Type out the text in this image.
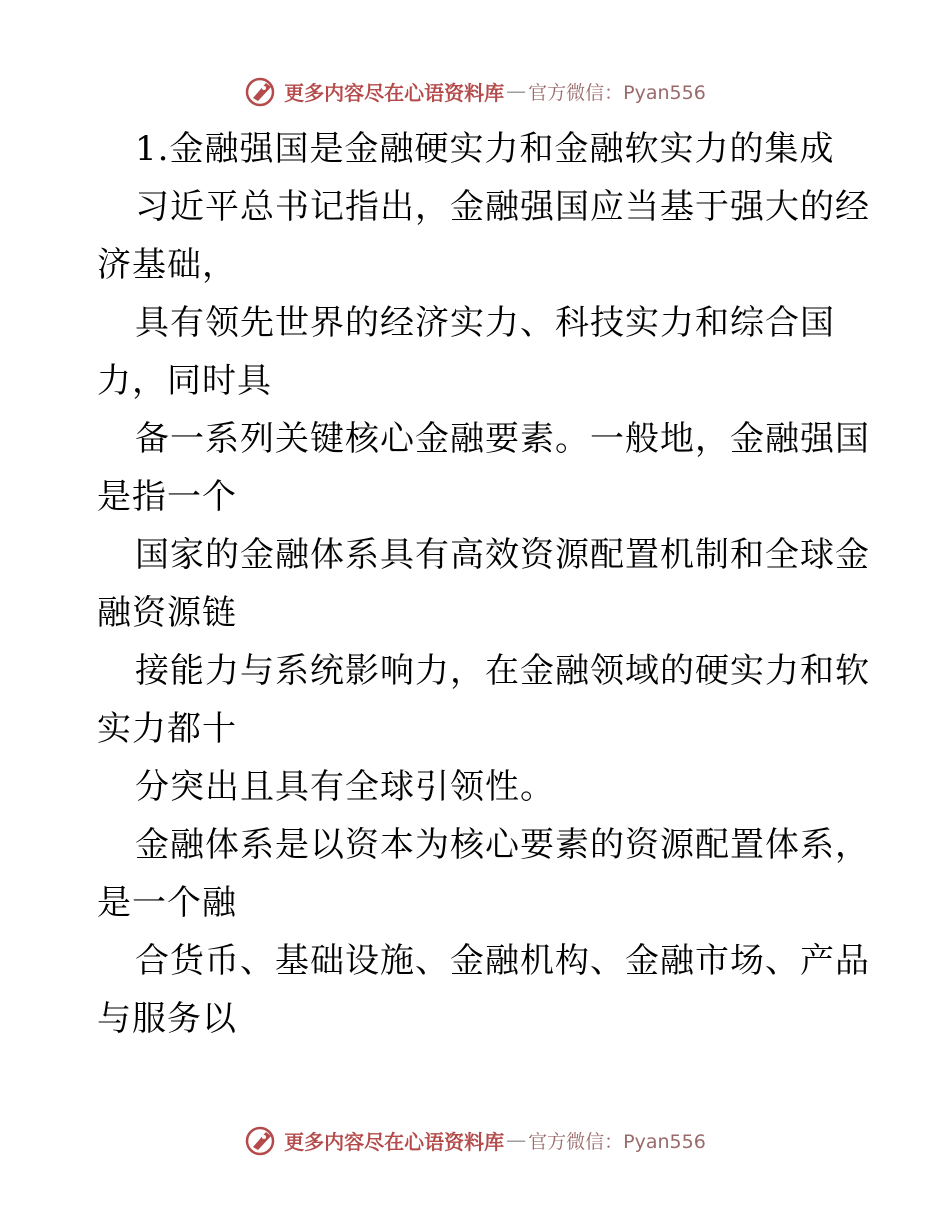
更多内容尽在心语资料库 — 官方微信：Pyan556
1.金融强国是金融硬实力和金融软实力的集成
习近平总书记指出，金融强国应当基于强大的经
济基础，
具有领先世界的经济实力、科技实力和综合国
力，同时具
备一系列关键核心金融要素。一般地，金融强国
是指一个
国家的金融体系具有高效资源配置机制和全球金
融资源链
接能力与系统影响力，在金融领域的硬实力和软
实力都十
分突出且具有全球引领性。
金融体系是以资本为核心要素的资源配置体系，
是一个融
合货币、基础设施、金融机构、金融市场、产品
与服务以
更多内容尽在心语资料库 — 官方微信：Pyan556
